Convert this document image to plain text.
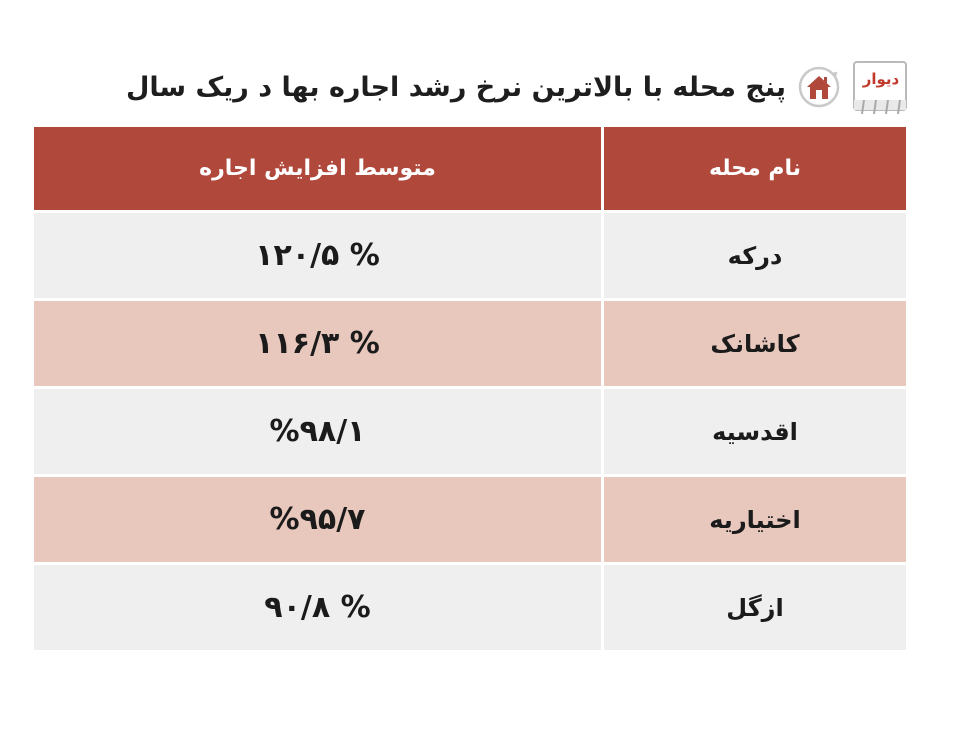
دیوار
پنج محله با بالاترین نرخ رشد اجاره بها د ریک سال
نام محله
متوسط افزایش اجاره
درکه
% ۱۲۰/۵
کاشانک
% ۱۱۶/۳
اقدسیه
%۹۸/۱
اختیاریه
%۹۵/۷
ازگل
% ۹۰/۸
